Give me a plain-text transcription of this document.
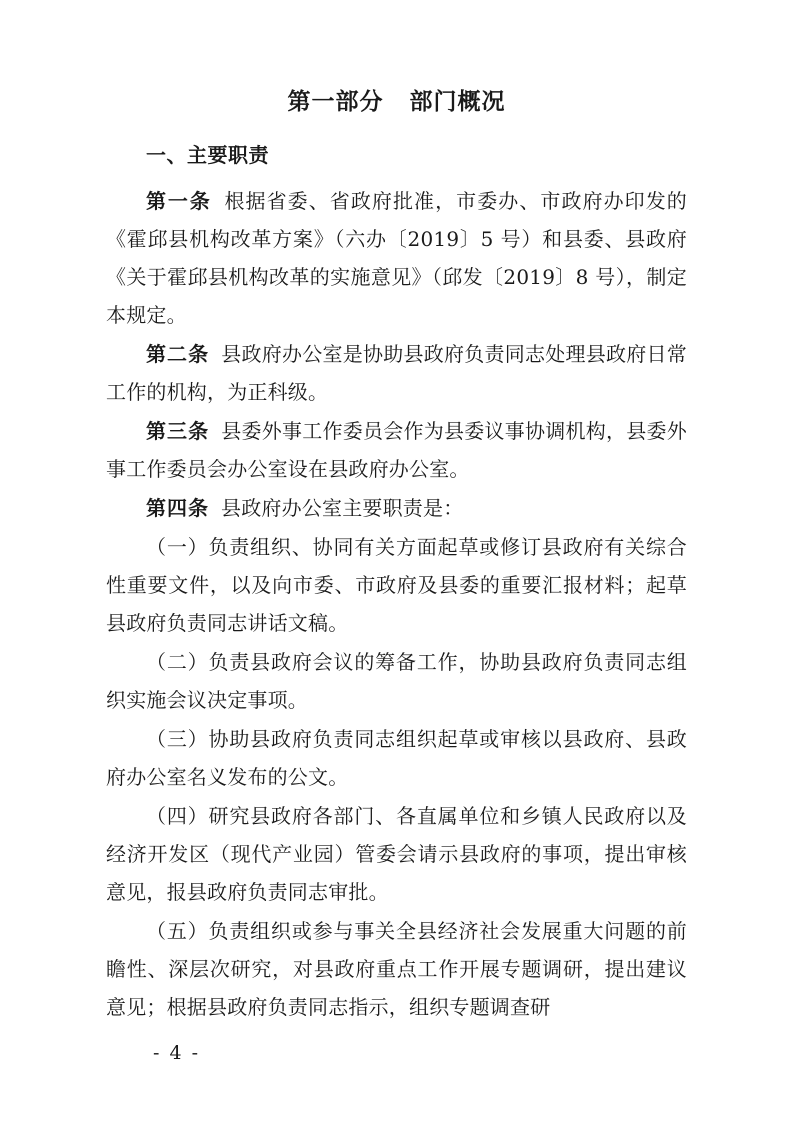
第一部分 部门概况
一、主要职责

第一条 根据省委、省政府批准，市委办、市政府办印发的《霍邱县机构改革方案》（六办〔2019〕5 号）和县委、县政府《关于霍邱县机构改革的实施意见》（邱发〔2019〕8 号），制定本规定。

第二条 县政府办公室是协助县政府负责同志处理县政府日常工作的机构，为正科级。

第三条 县委外事工作委员会作为县委议事协调机构，县委外事工作委员会办公室设在县政府办公室。

第四条 县政府办公室主要职责是：

（一）负责组织、协同有关方面起草或修订县政府有关综合性重要文件，以及向市委、市政府及县委的重要汇报材料；起草县政府负责同志讲话文稿。

（二）负责县政府会议的筹备工作，协助县政府负责同志组织实施会议决定事项。

（三）协助县政府负责同志组织起草或审核以县政府、县政府办公室名义发布的公文。

（四）研究县政府各部门、各直属单位和乡镇人民政府以及经济开发区（现代产业园）管委会请示县政府的事项，提出审核意见，报县政府负责同志审批。

（五）负责组织或参与事关全县经济社会发展重大问题的前瞻性、深层次研究，对县政府重点工作开展专题调研，提出建议意见；根据县政府负责同志指示，组织专题调查研

- 4 -
